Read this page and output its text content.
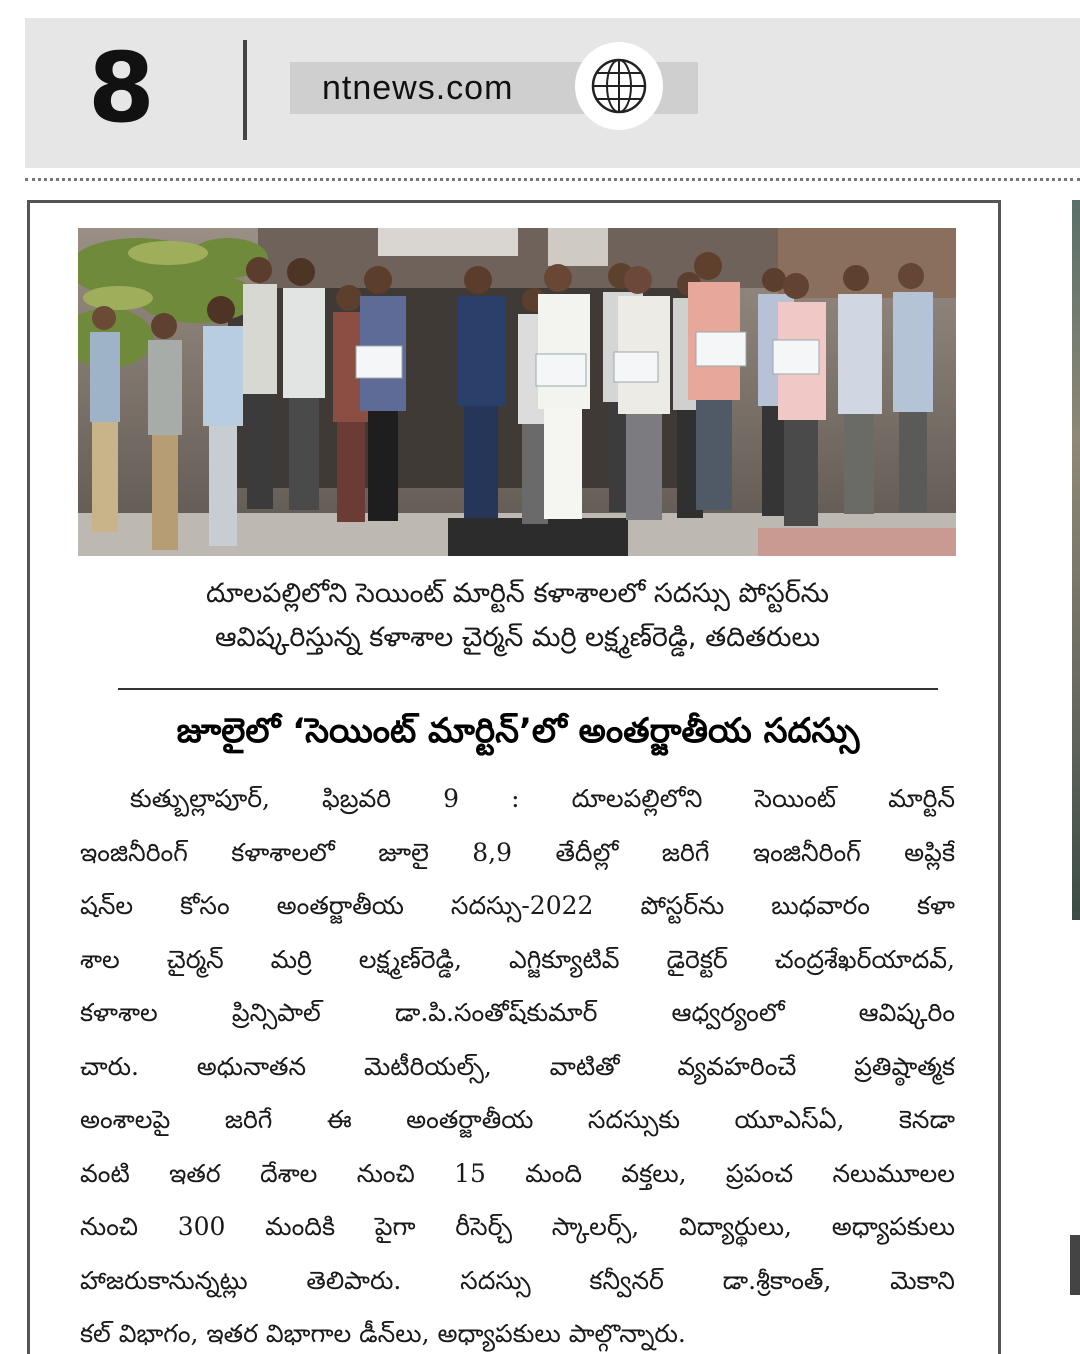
8	ntnews.com
దూలపల్లిలోని సెయింట్ మార్టిన్ కళాశాలలో సదస్సు పోస్టర్‌ను
ఆవిష్కరిస్తున్న కళాశాల చైర్మన్ మర్రి లక్ష్మణ్‌రెడ్డి, తదితరులు
జూలైలో ‘సెయింట్ మార్టిన్’లో అంతర్జాతీయ సదస్సు
కుత్బుల్లాపూర్, ఫిబ్రవరి 9 : దూలపల్లిలోని సెయింట్ మార్టిన్
ఇంజినీరింగ్ కళాశాలలో జూలై 8,9 తేదీల్లో జరిగే ఇంజినీరింగ్ అప్లికే
షన్‌ల కోసం అంతర్జాతీయ సదస్సు-2022 పోస్టర్‌ను బుధవారం కళా
శాల చైర్మన్ మర్రి లక్ష్మణ్‌రెడ్డి, ఎగ్జిక్యూటివ్ డైరెక్టర్ చంద్రశేఖర్‌యాదవ్,
కళాశాల ప్రిన్సిపాల్ డా.పి.సంతోష్‌కుమార్ ఆధ్వర్యంలో ఆవిష్కరిం
చారు. అధునాతన మెటీరియల్స్, వాటితో వ్యవహరించే ప్రతిష్ఠాత్మక
అంశాలపై జరిగే ఈ అంతర్జాతీయ సదస్సుకు యూఎస్‌ఏ, కెనడా
వంటి ఇతర దేశాల నుంచి 15 మంది వక్తలు, ప్రపంచ నలుమూలల
నుంచి 300 మందికి పైగా రీసెర్చ్ స్కాలర్స్, విద్యార్థులు, అధ్యాపకులు
హాజరుకానున్నట్లు తెలిపారు. సదస్సు కన్వీనర్ డా.శ్రీకాంత్, మెకాని
కల్ విభాగం, ఇతర విభాగాల డీన్‌లు, అధ్యాపకులు పాల్గొన్నారు.
